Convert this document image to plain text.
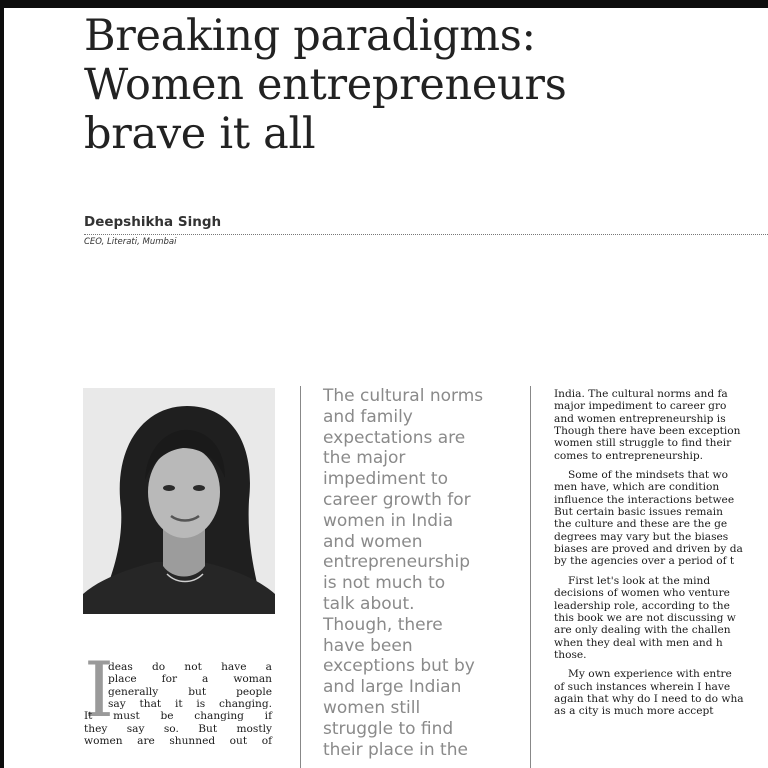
Breaking paradigms:
Women entrepreneurs
brave it all

Deepshikha Singh

CEO, Literati, Mumbai

The cultural norms
and family
expectations are
the major
impediment to
career growth for
women in India
and women
entrepreneurship
is not much to
talk about.
Though, there
have been
exceptions but by
and large Indian
women still
struggle to find
their place in the
I
deas do not have a
place for a woman
generally but people
say that it is changing.
It must be changing if
they say so. But mostly
women are shunned out of
India. The cultural norms and fa
major impediment to career gro
and women entrepreneurship is
Though there have been exception
women still struggle to find their
comes to entrepreneurship.
Some of the mindsets that wo
men have, which are condition
influence the interactions betwee
But certain basic issues remain
the culture and these are the ge
degrees may vary but the biases
biases are proved and driven by da
by the agencies over a period of t
First let's look at the mind
decisions of women who venture
leadership role, according to the
this book we are not discussing w
are only dealing with the challen
when they deal with men and h
those.
My own experience with entre
of such instances wherein I have
again that why do I need to do wha
as a city is much more accept
